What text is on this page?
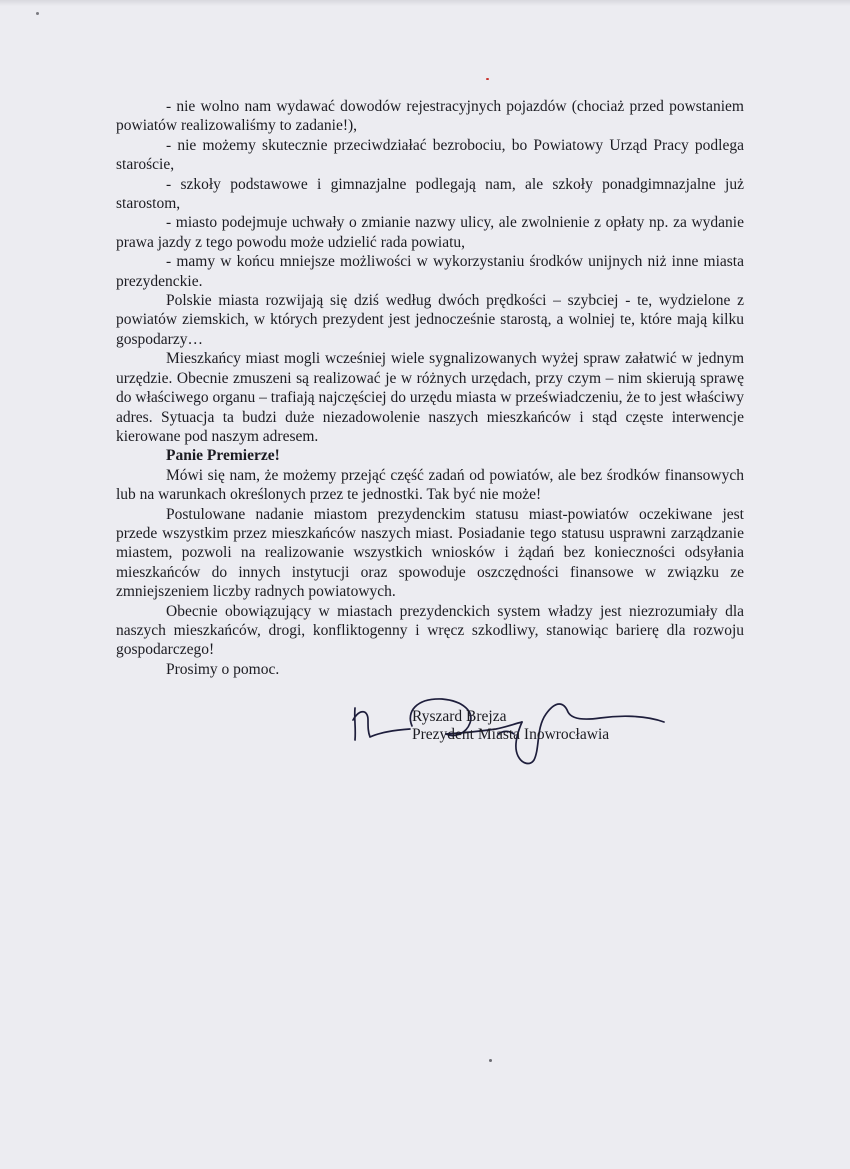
- nie wolno nam wydawać dowodów rejestracyjnych pojazdów (chociaż przed powstaniem powiatów realizowaliśmy to zadanie!),

- nie możemy skutecznie przeciwdziałać bezrobociu, bo Powiatowy Urząd Pracy podlega staroście,

- szkoły podstawowe i gimnazjalne podlegają nam, ale szkoły ponadgimnazjalne już starostom,

- miasto podejmuje uchwały o zmianie nazwy ulicy, ale zwolnienie z opłaty np. za wydanie prawa jazdy z tego powodu może udzielić rada powiatu,

- mamy w końcu mniejsze możliwości w wykorzystaniu środków unijnych niż inne miasta prezydenckie.

Polskie miasta rozwijają się dziś według dwóch prędkości – szybciej - te, wydzielone z powiatów ziemskich, w których prezydent jest jednocześnie starostą, a wolniej te, które mają kilku gospodarzy…

Mieszkańcy miast mogli wcześniej wiele sygnalizowanych wyżej spraw załatwić w jednym urzędzie. Obecnie zmuszeni są realizować je w różnych urzędach, przy czym – nim skierują sprawę do właściwego organu – trafiają najczęściej do urzędu miasta w przeświadczeniu, że to jest właściwy adres. Sytuacja ta budzi duże niezadowolenie naszych mieszkańców i stąd częste interwencje kierowane pod naszym adresem.

Panie Premierze!

Mówi się nam, że możemy przejąć część zadań od powiatów, ale bez środków finansowych lub na warunkach określonych przez te jednostki. Tak być nie może!

Postulowane nadanie miastom prezydenckim statusu miast-powiatów oczekiwane jest przede wszystkim przez mieszkańców naszych miast. Posiadanie tego statusu usprawni zarządzanie miastem, pozwoli na realizowanie wszystkich wniosków i żądań bez konieczności odsyłania mieszkańców do innych instytucji oraz spowoduje oszczędności finansowe w związku ze zmniejszeniem liczby radnych powiatowych.

Obecnie obowiązujący w miastach prezydenckich system władzy jest niezrozumiały dla naszych mieszkańców, drogi, konfliktogenny i wręcz szkodliwy, stanowiąc barierę dla rozwoju gospodarczego!

Prosimy o pomoc.

Ryszard Brejza
Prezydent Miasta Inowrocławia
